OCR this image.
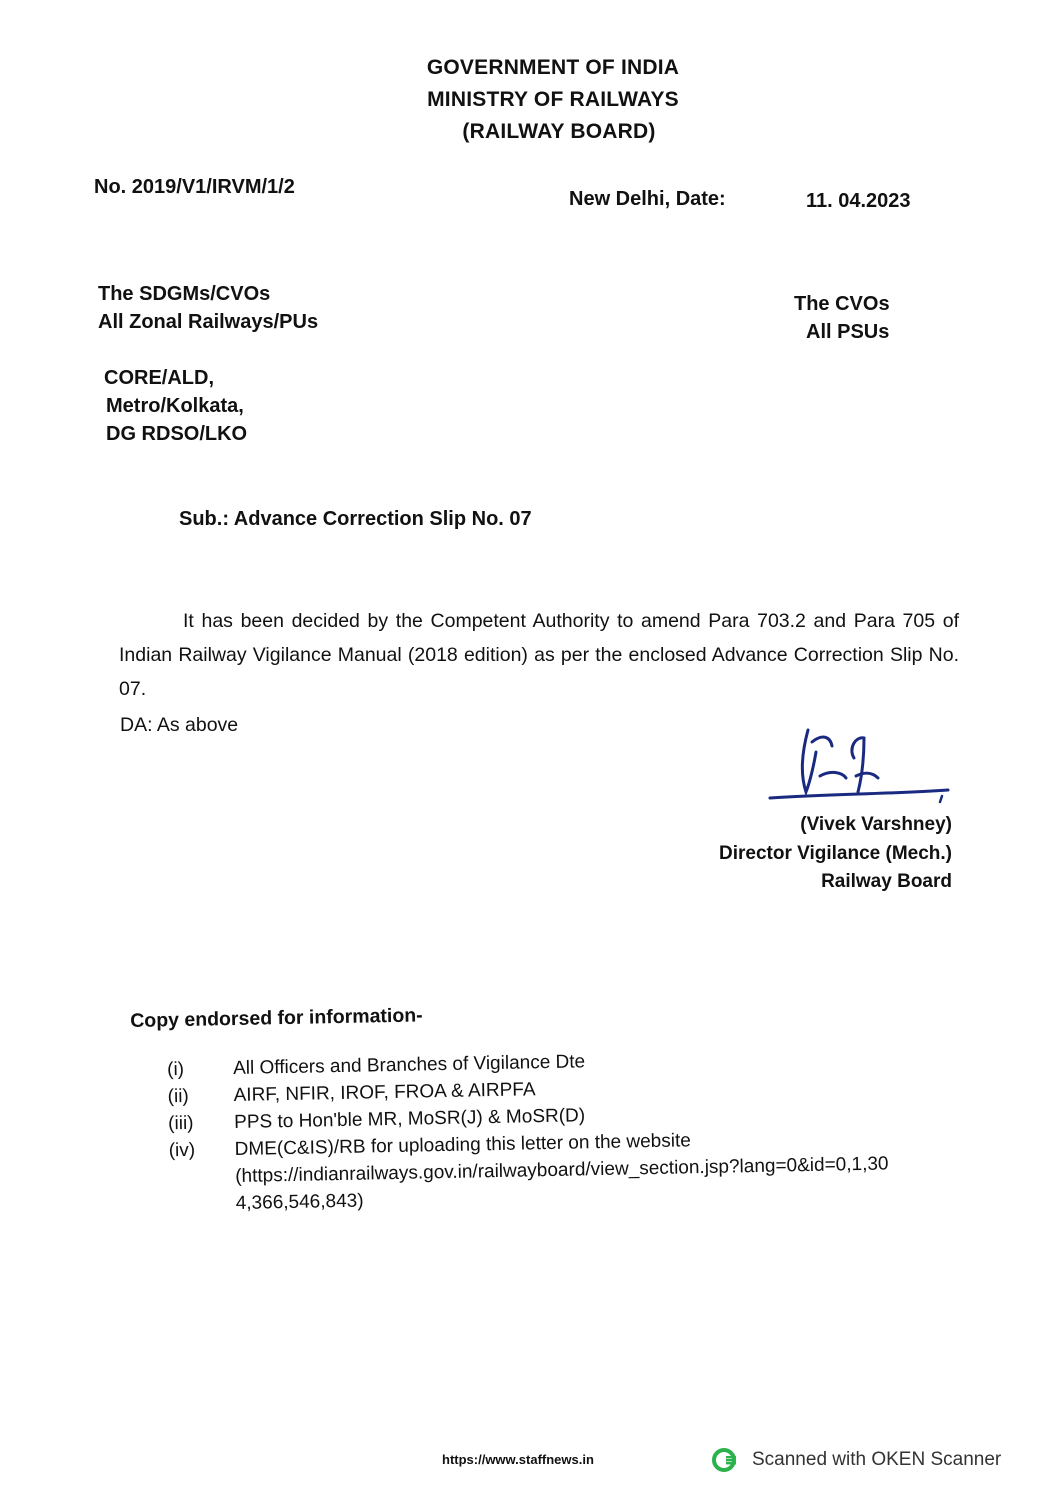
GOVERNMENT OF INDIA
MINISTRY OF RAILWAYS
(RAILWAY BOARD)
No. 2019/V1/IRVM/1/2
New Delhi, Date:	11. 04.2023
The SDGMs/CVOs
All Zonal Railways/PUs
The CVOs
All PSUs
CORE/ALD,
Metro/Kolkata,
DG RDSO/LKO
Sub.: Advance Correction Slip No. 07
It has been decided by the Competent Authority to amend Para 703.2 and Para 705 of Indian Railway Vigilance Manual (2018 edition) as per the enclosed Advance Correction Slip No. 07.
DA: As above
(Vivek Varshney)
Director Vigilance (Mech.)
Railway Board
Copy endorsed for information-
(i)	All Officers and Branches of Vigilance Dte
(ii)	AIRF, NFIR, IROF, FROA & AIRPFA
(iii)	PPS to Hon'ble MR, MoSR(J) & MoSR(D)
(iv)	DME(C&IS)/RB for uploading this letter on the website (https://indianrailways.gov.in/railwayboard/view_section.jsp?lang=0&id=0,1,30 4,366,546,843)
https://www.staffnews.in	Scanned with OKEN Scanner
